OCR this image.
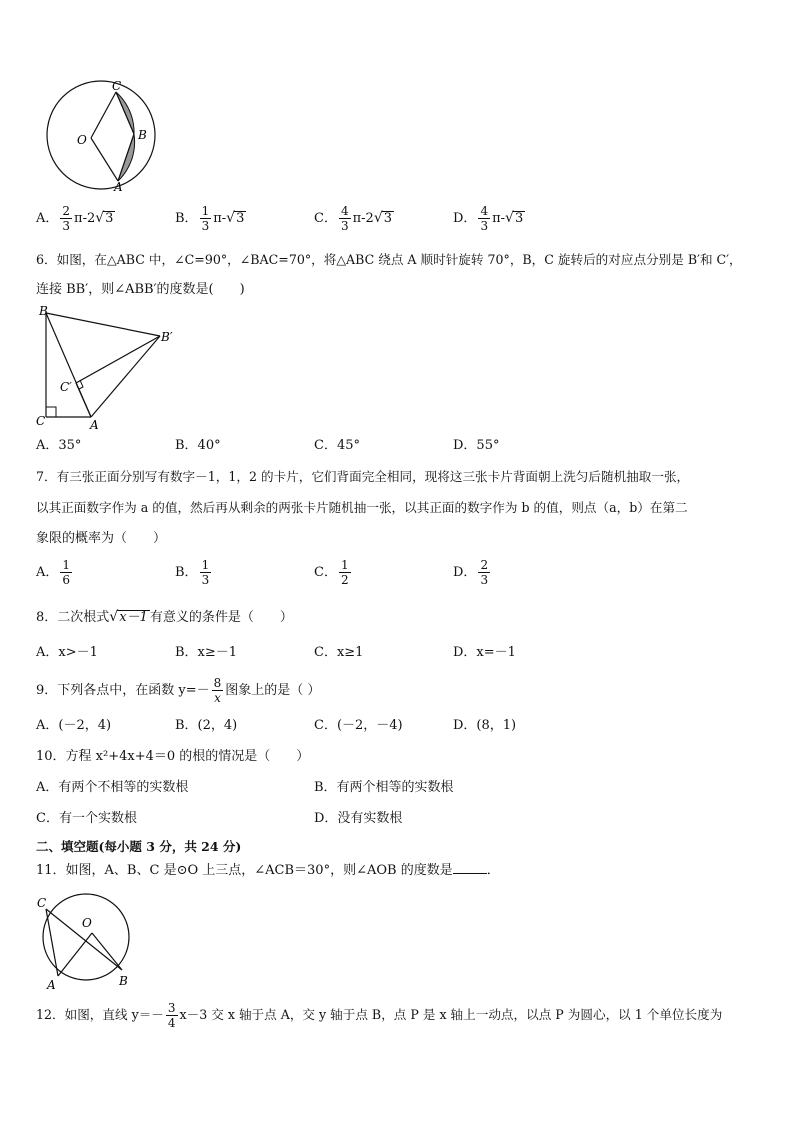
C
B
O
A
A． $\frac{2}{3} \pi-2√3$	B． $\frac{1}{3} \pi-√3$	C． $\frac{4}{3} \pi-2√3$	D． $\frac{4}{3} \pi-√3$
6．如图，在△ABC 中，∠C=90°，∠BAC=70°，将△ABC 绕点 A 顺时针旋转 70°，B，C 旋转后的对应点分别是 B′和 C′，
连接 BB′，则∠ABB′的度数是(　　)
B
B′
C′
C	A
A．35°	B．40°	C．45°	D．55°
7．有三张正面分别写有数字－1，1，2 的卡片，它们背面完全相同，现将这三张卡片背面朝上洗匀后随机抽取一张，
以其正面数字作为 a 的值，然后再从剩余的两张卡片随机抽一张，以其正面的数字作为 b 的值，则点（a，b）在第二
象限的概率为（　　）
A． $\frac{1}{6}$	B． $\frac{1}{3}$	C． $\frac{1}{2}$	D． $\frac{2}{3}$
8．二次根式√x－1 有意义的条件是（　　）
A．x>－1	B．x≥－1	C．x≥1	D．x=－1
9．下列各点中，在函数 $y=- \frac{8}{x}$ 图象上的是（ ）
A．(－2，4)	B．(2，4)	C．(－2，－4)	D．(8，1)
10．方程 x²+4x+4＝0 的根的情况是（　　）
A．有两个不相等的实数根	B．有两个相等的实数根
C．有一个实数根	D．没有实数根
二、填空题(每小题 3 分，共 24 分)
11．如图，A、B、C 是⊙O 上三点，∠ACB＝30°，则∠AOB 的度数是	．
C
O
A	B
12．如图，直线 $y=- \frac{3}{4} x-3$ 交 x 轴于点 A，交 y 轴于点 B，点 P 是 x 轴上一动点，以点 P 为圆心，以 1 个单位长度为
